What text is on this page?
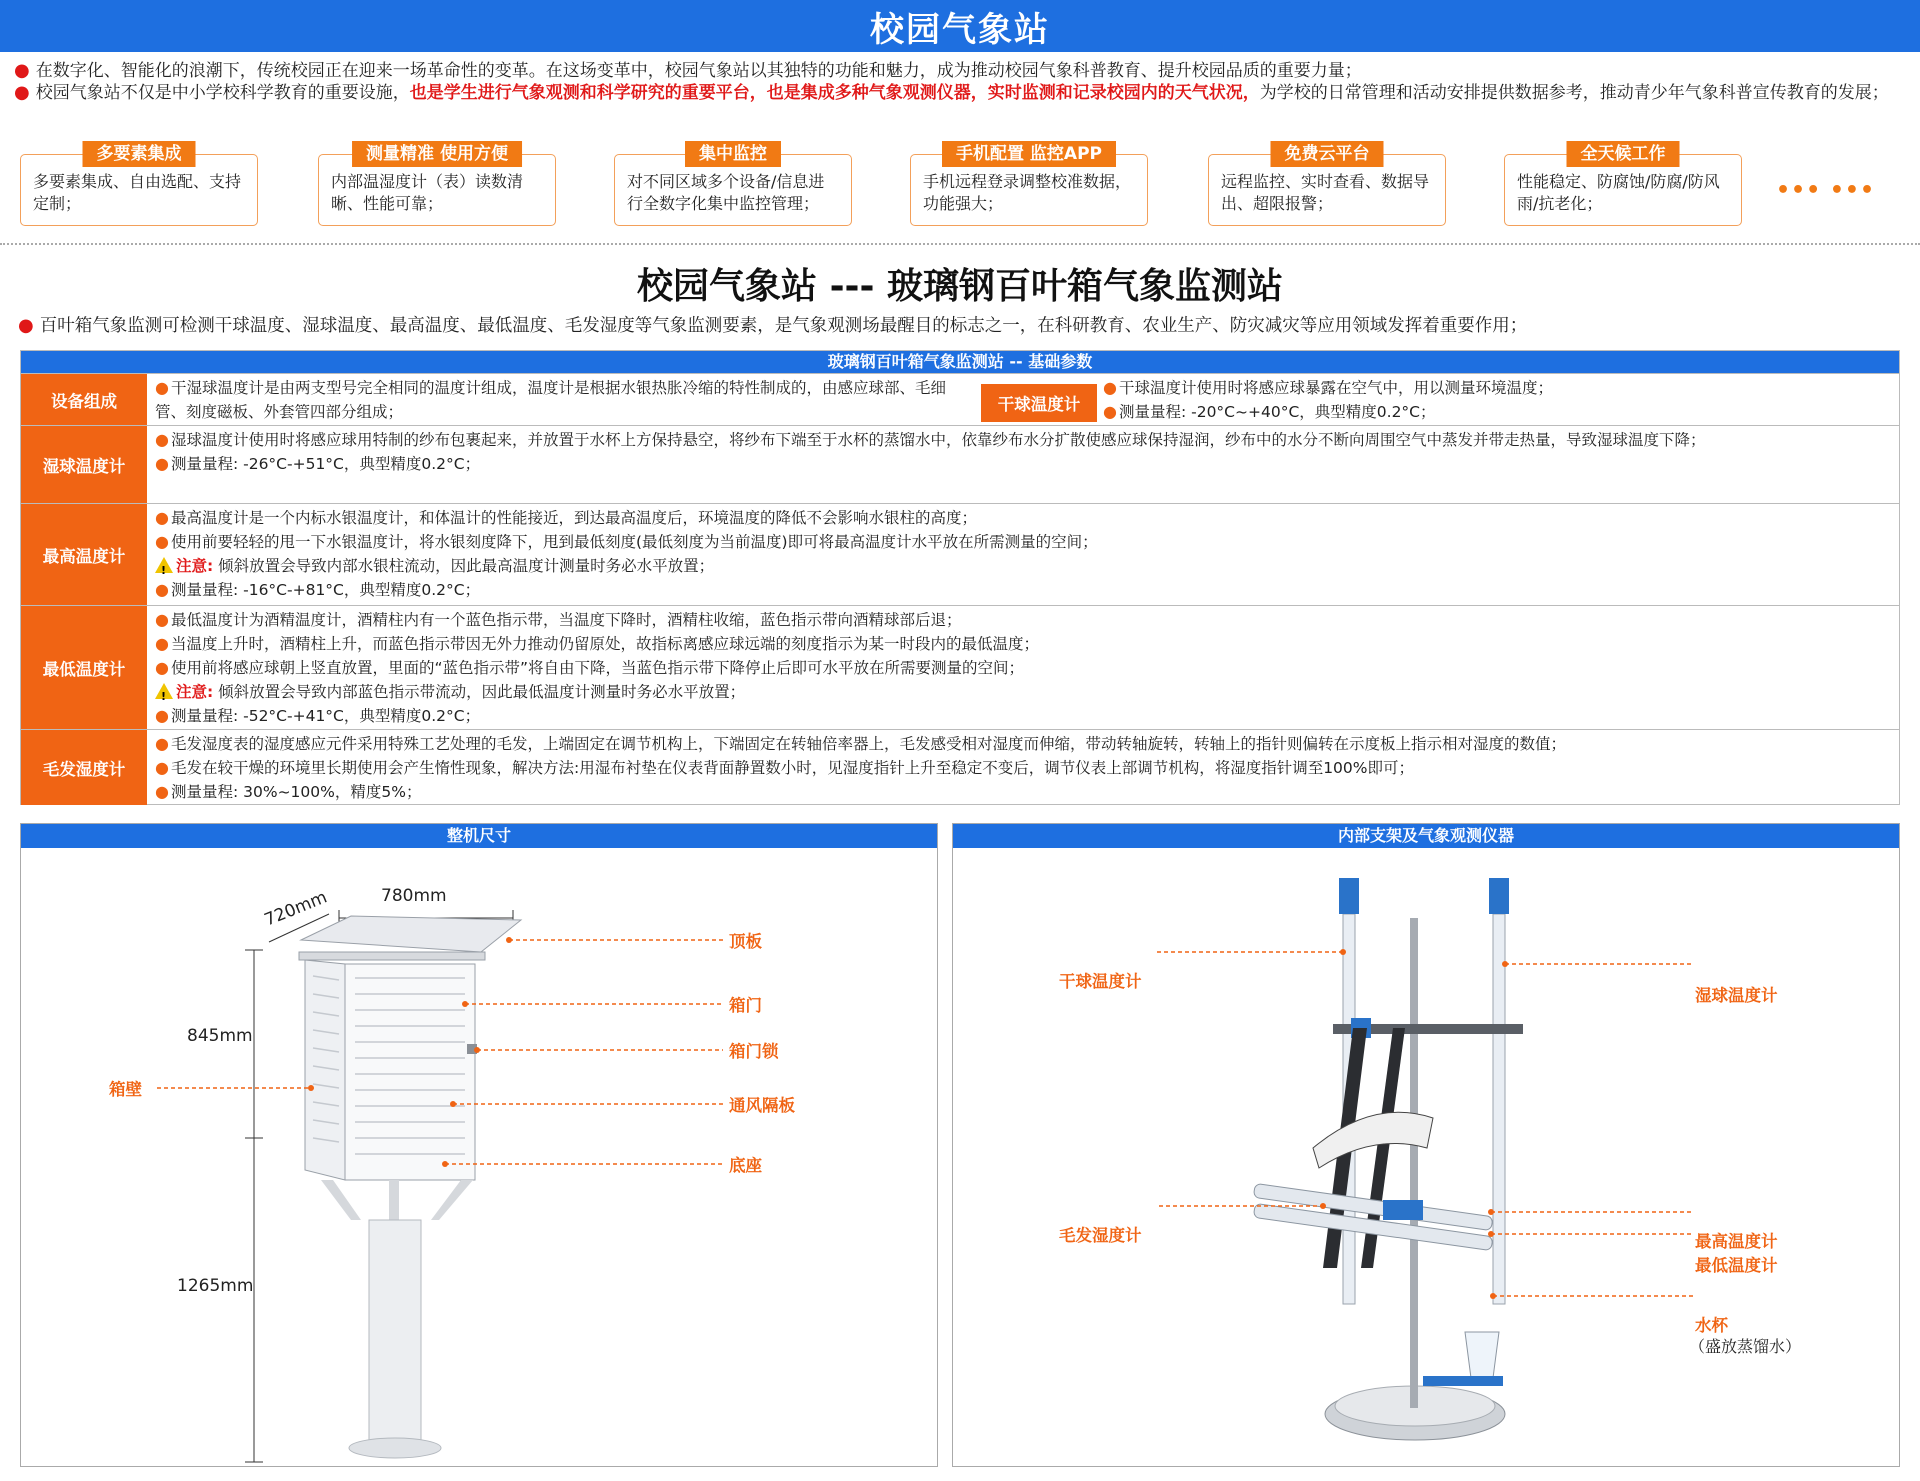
校园气象站

● 在数字化、智能化的浪潮下，传统校园正在迎来一场革命性的变革。在这场变革中，校园气象站以其独特的功能和魅力，成为推动校园气象科普教育、提升校园品质的重要力量；

● 校园气象站不仅是中小学校科学教育的重要设施，也是学生进行气象观测和科学研究的重要平台，也是集成多种气象观测仪器，实时监测和记录校园内的天气状况，为学校的日常管理和活动安排提供数据参考，推动青少年气象科普宣传教育的发展；

多要素集成
多要素集成、自由选配、支持定制；
测量精准 使用方便
内部温湿度计（表）读数清晰、性能可靠；
集中监控
对不同区域多个设备/信息进行全数字化集中监控管理；
手机配置 监控APP
手机远程登录调整校准数据，功能强大；
免费云平台
远程监控、实时查看、数据导出、超限报警；
全天候工作
性能稳定、防腐蚀/防腐/防风雨/抗老化；
••• •••
校园气象站 --- 玻璃钢百叶箱气象监测站
● 百叶箱气象监测可检测干球温度、湿球温度、最高温度、最低温度、毛发湿度等气象监测要素，是气象观测场最醒目的标志之一，在科研教育、农业生产、防灾减灾等应用领域发挥着重要作用；
玻璃钢百叶箱气象监测站 -- 基础参数
设备组成

● 干湿球温度计是由两支型号完全相同的温度计组成，温度计是根据水银热胀冷缩的特性制成的，由感应球部、毛细管、刻度磁板、外套管四部分组成；	干球温度计

● 干球温度计使用时将感应球暴露在空气中，用以测量环境温度；

● 测量量程: -20°C~+40°C，典型精度0.2°C；

湿球温度计

● 湿球温度计使用时将感应球用特制的纱布包裹起来，并放置于水杯上方保持悬空，将纱布下端至于水杯的蒸馏水中，依靠纱布水分扩散使感应球保持湿润，纱布中的水分不断向周围空气中蒸发并带走热量，导致湿球温度下降；

● 测量量程: -26°C-+51°C，典型精度0.2°C；

最高温度计

● 最高温度计是一个内标水银温度计，和体温计的性能接近，到达最高温度后，环境温度的降低不会影响水银柱的高度；

● 使用前要轻轻的甩一下水银温度计，将水银刻度降下，甩到最低刻度(最低刻度为当前温度)即可将最高温度计水平放在所需测量的空间；

! 注意: 倾斜放置会导致内部水银柱流动，因此最高温度计测量时务必水平放置；

● 测量量程: -16°C-+81°C，典型精度0.2°C；

最低温度计

● 最低温度计为酒精温度计，酒精柱内有一个蓝色指示带，当温度下降时，酒精柱收缩，蓝色指示带向酒精球部后退；

● 当温度上升时，酒精柱上升，而蓝色指示带因无外力推动仍留原处，故指标离感应球远端的刻度指示为某一时段内的最低温度；

● 使用前将感应球朝上竖直放置，里面的“蓝色指示带”将自由下降，当蓝色指示带下降停止后即可水平放在所需要测量的空间；

! 注意: 倾斜放置会导致内部蓝色指示带流动，因此最低温度计测量时务必水平放置；

● 测量量程: -52°C-+41°C，典型精度0.2°C；

毛发湿度计

● 毛发湿度表的湿度感应元件采用特殊工艺处理的毛发，上端固定在调节机构上，下端固定在转轴倍率器上，毛发感受相对湿度而伸缩，带动转轴旋转，转轴上的指针则偏转在示度板上指示相对湿度的数值；

● 毛发在较干燥的环境里长期使用会产生惰性现象，解决方法:用湿布衬垫在仪表背面静置数小时，见湿度指针上升至稳定不变后，调节仪表上部调节机构，将湿度指针调至100%即可；

● 测量量程: 30%~100%，精度5%；

整机尺寸
720mm	780mm
845mm
1265mm
顶板
箱门
箱门锁
通风隔板
底座
箱壁
内部支架及气象观测仪器
干球温度计
湿球温度计
毛发湿度计	最高温度计
最低温度计
水杯
（盛放蒸馏水）
